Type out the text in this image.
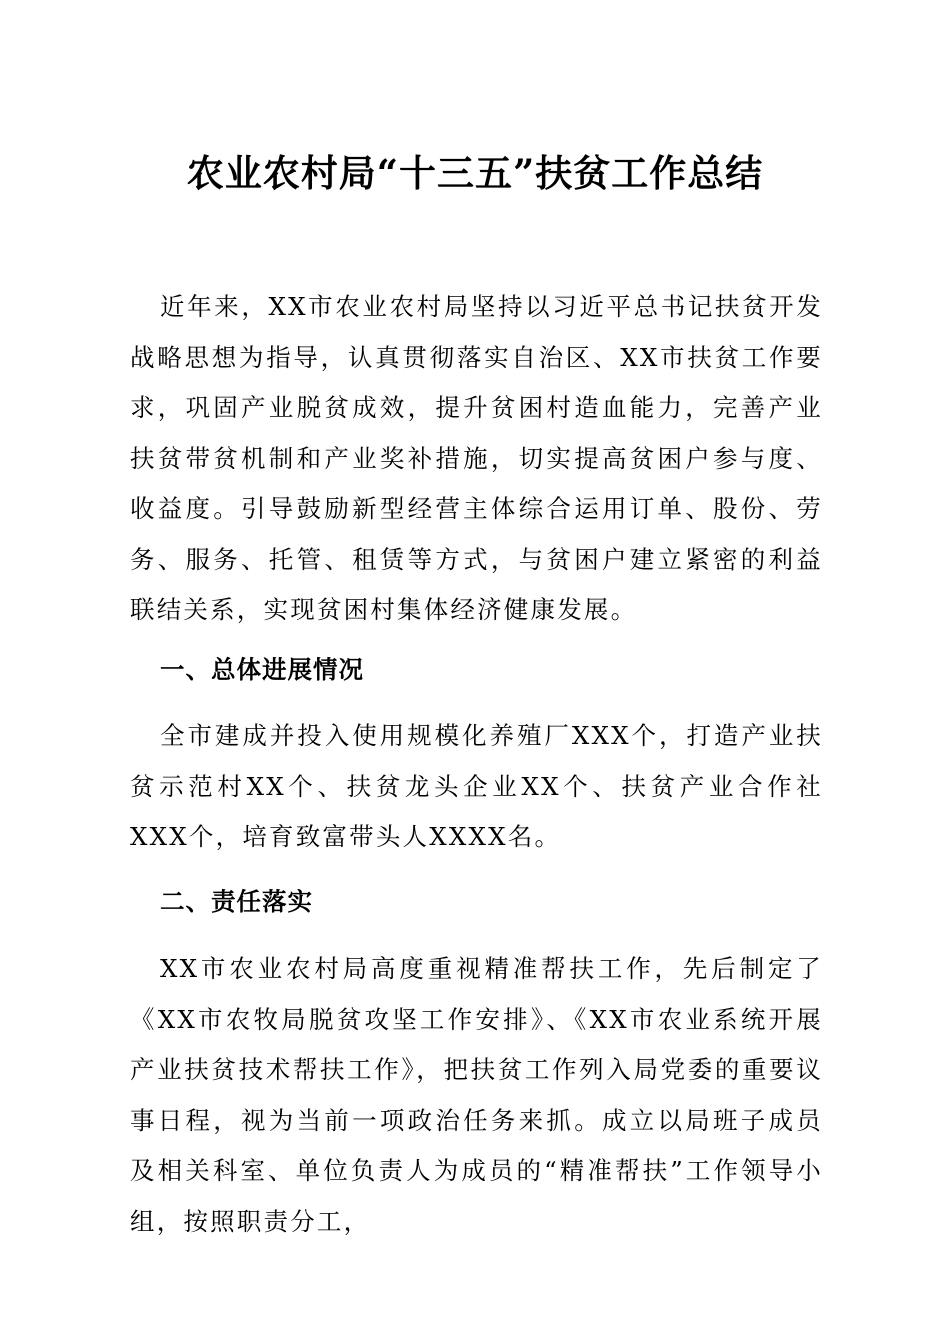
农业农村局“十三五”扶贫工作总结

近年来，XX市农业农村局坚持以习近平总书记扶贫开发战略思想为指导，认真贯彻落实自治区、XX市扶贫工作要求，巩固产业脱贫成效，提升贫困村造血能力，完善产业扶贫带贫机制和产业奖补措施，切实提高贫困户参与度、收益度。引导鼓励新型经营主体综合运用订单、股份、劳务、服务、托管、租赁等方式，与贫困户建立紧密的利益联结关系，实现贫困村集体经济健康发展。

一、总体进展情况

全市建成并投入使用规模化养殖厂XXX个，打造产业扶贫示范村XX个、扶贫龙头企业XX个、扶贫产业合作社XXX个，培育致富带头人XXXX名。

二、责任落实

XX市农业农村局高度重视精准帮扶工作，先后制定了《XX市农牧局脱贫攻坚工作安排》、《XX市农业系统开展产业扶贫技术帮扶工作》，把扶贫工作列入局党委的重要议事日程，视为当前一项政治任务来抓。成立以局班子成员及相关科室、单位负责人为成员的“精准帮扶”工作领导小组，按照职责分工，
